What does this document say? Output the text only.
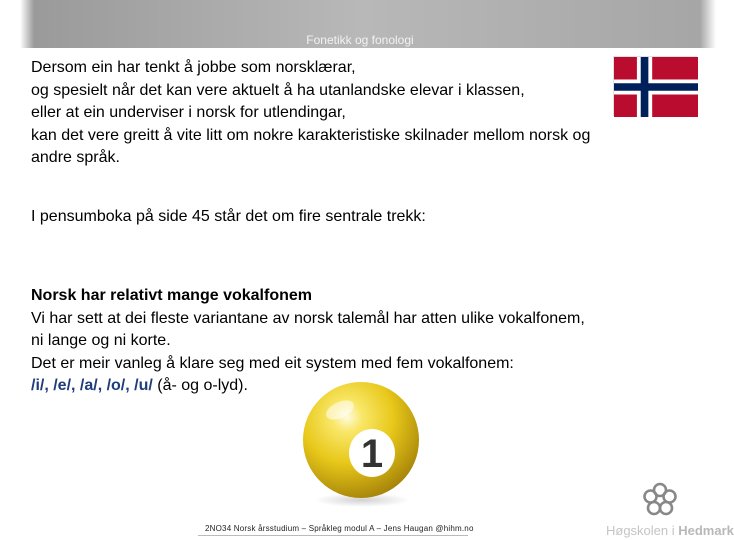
Fonetikk og fonologi
Dersom ein har tenkt å jobbe som norsklærar,
og spesielt når det kan vere aktuelt å ha utanlandske elevar i klassen,
eller at ein underviser i norsk for utlendingar,
kan det vere greitt å vite litt om nokre karakteristiske skilnader mellom norsk og
andre språk.
I pensumboka på side 45 står det om fire sentrale trekk:
Norsk har relativt mange vokalfonem
Vi har sett at dei fleste variantane av norsk talemål har atten ulike vokalfonem,
ni lange og ni korte.
Det er meir vanleg å klare seg med eit system med fem vokalfonem:
/i/, /e/, /a/, /o/, /u/ (å- og o-lyd).
1
2NO34 Norsk årsstudium – Språkleg modul A – Jens Haugan @hihm.no	Høgskolen i Hedmark
